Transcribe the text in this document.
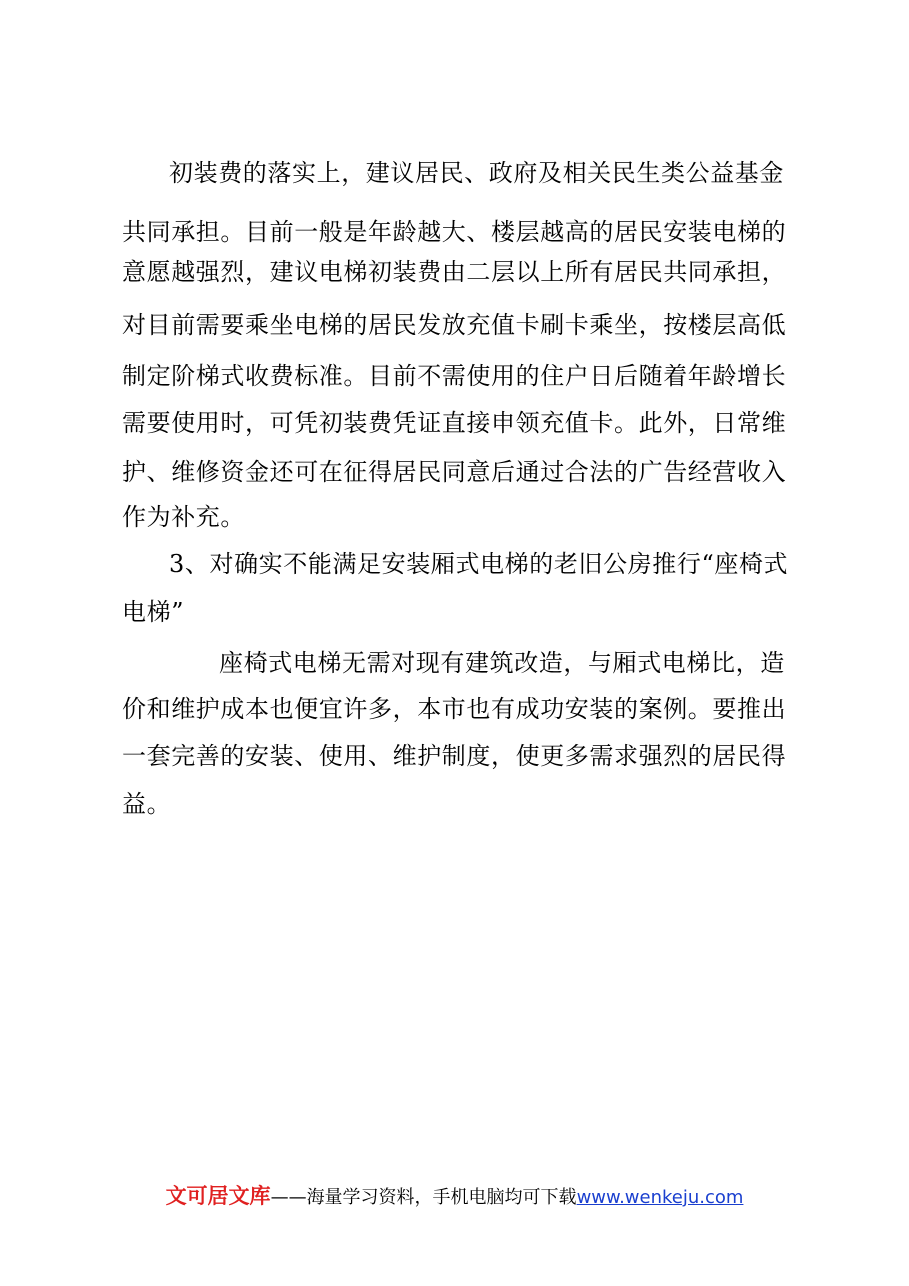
初装费的落实上，建议居民、政府及相关民生类公益基金
共同承担。目前一般是年龄越大、楼层越高的居民安装电梯的
意愿越强烈，建议电梯初装费由二层以上所有居民共同承担，
对目前需要乘坐电梯的居民发放充值卡刷卡乘坐，按楼层高低
制定阶梯式收费标准。目前不需使用的住户日后随着年龄增长
需要使用时，可凭初装费凭证直接申领充值卡。此外，日常维
护、维修资金还可在征得居民同意后通过合法的广告经营收入
作为补充。
3、对确实不能满足安装厢式电梯的老旧公房推行“座椅式
电梯”
座椅式电梯无需对现有建筑改造，与厢式电梯比，造
价和维护成本也便宜许多，本市也有成功安装的案例。要推出
一套完善的安装、使用、维护制度，使更多需求强烈的居民得
益。
文可居文库——海量学习资料，手机电脑均可下载www.wenkeju.com
